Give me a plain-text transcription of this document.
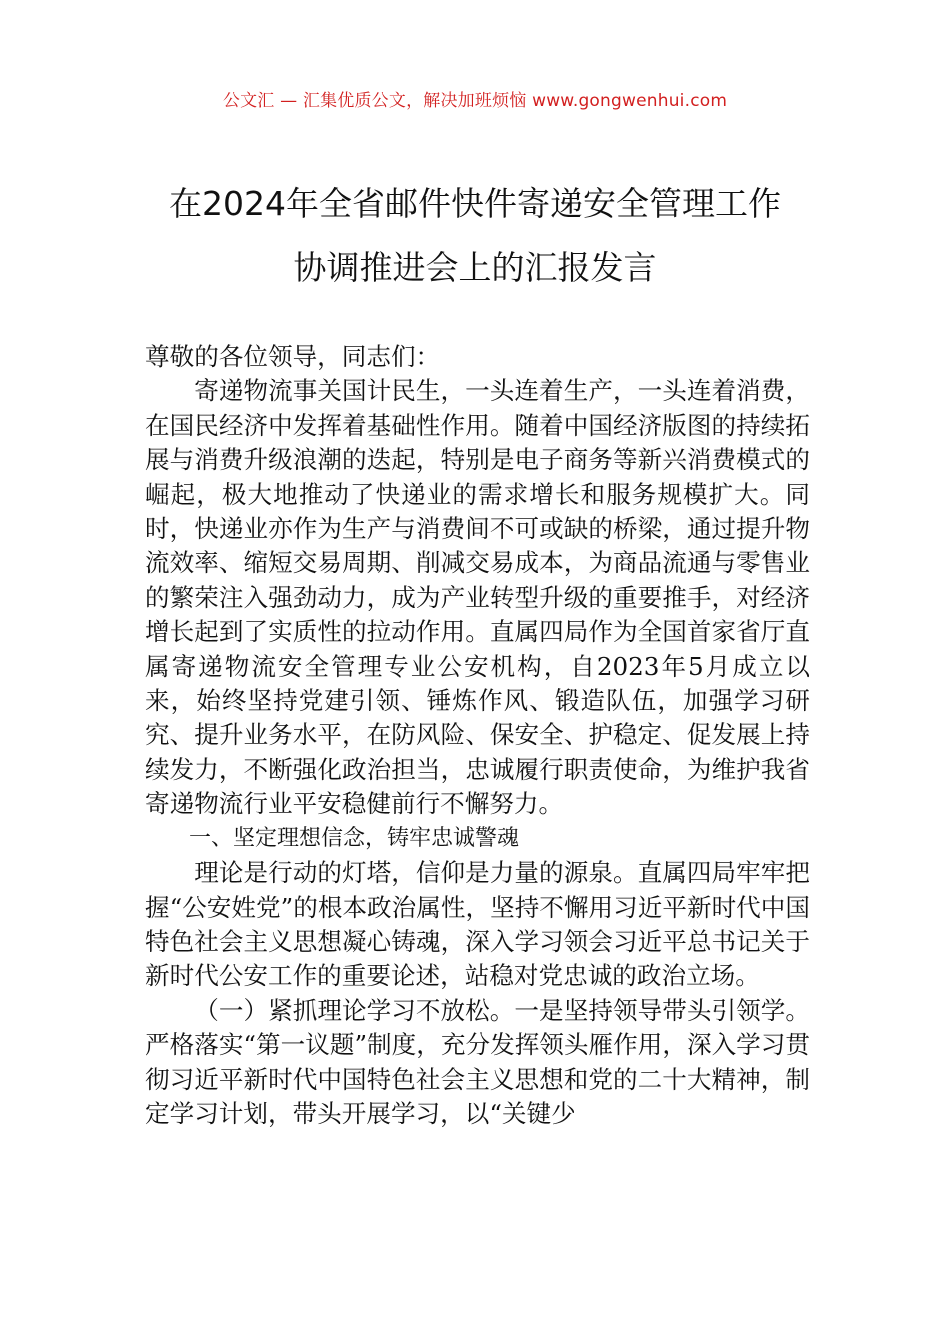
公文汇 — 汇集优质公文，解决加班烦恼 www.gongwenhui.com
在2024年全省邮件快件寄递安全管理工作
协调推进会上的汇报发言

尊敬的各位领导，同志们：

寄递物流事关国计民生，一头连着生产，一头连着消费，在国民经济中发挥着基础性作用。随着中国经济版图的持续拓展与消费升级浪潮的迭起，特别是电子商务等新兴消费模式的崛起，极大地推动了快递业的需求增长和服务规模扩大。同时，快递业亦作为生产与消费间不可或缺的桥梁，通过提升物流效率、缩短交易周期、削减交易成本，为商品流通与零售业的繁荣注入强劲动力，成为产业转型升级的重要推手，对经济增长起到了实质性的拉动作用。直属四局作为全国首家省厅直属寄递物流安全管理专业公安机构，自2023年5月成立以来，始终坚持党建引领、锤炼作风、锻造队伍，加强学习研究、提升业务水平，在防风险、保安全、护稳定、促发展上持续发力，不断强化政治担当，忠诚履行职责使命，为维护我省寄递物流行业平安稳健前行不懈努力。

一、坚定理想信念，铸牢忠诚警魂

理论是行动的灯塔，信仰是力量的源泉。直属四局牢牢把握“公安姓党”的根本政治属性，坚持不懈用习近平新时代中国特色社会主义思想凝心铸魂，深入学习领会习近平总书记关于新时代公安工作的重要论述，站稳对党忠诚的政治立场。

（一）紧抓理论学习不放松。一是坚持领导带头引领学。严格落实“第一议题”制度，充分发挥领头雁作用，深入学习贯彻习近平新时代中国特色社会主义思想和党的二十大精神，制定学习计划，带头开展学习，以“关键少
